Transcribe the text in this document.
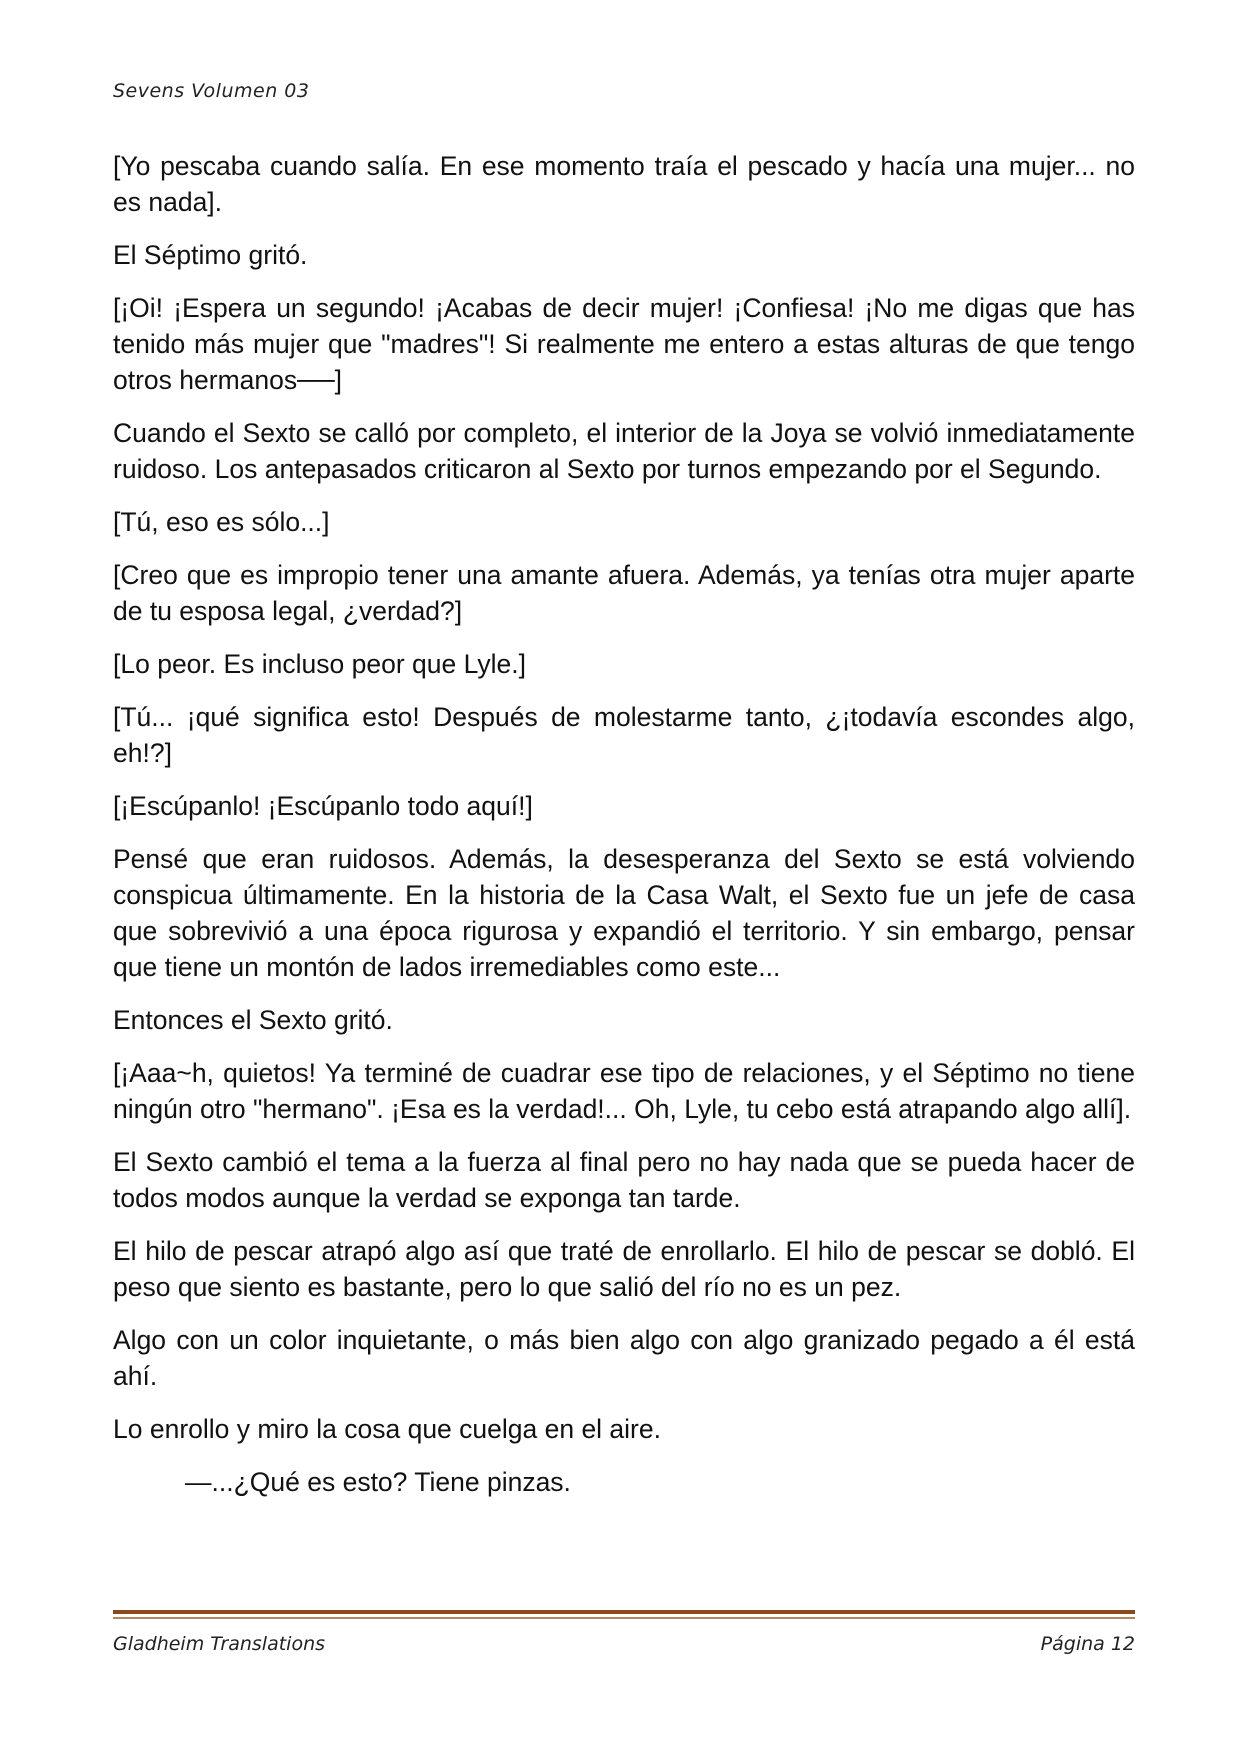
Sevens Volumen 03

[Yo pescaba cuando salía. En ese momento traía el pescado y hacía una mujer... no es nada].

El Séptimo gritó.

[¡Oi! ¡Espera un segundo! ¡Acabas de decir mujer! ¡Confiesa! ¡No me digas que has tenido más mujer que "madres"! Si realmente me entero a estas alturas de que tengo otros hermanos──]

Cuando el Sexto se calló por completo, el interior de la Joya se volvió inmediatamente ruidoso. Los antepasados criticaron al Sexto por turnos empezando por el Segundo.

[Tú, eso es sólo...]

[Creo que es impropio tener una amante afuera. Además, ya tenías otra mujer aparte de tu esposa legal, ¿verdad?]

[Lo peor. Es incluso peor que Lyle.]

[Tú... ¡qué significa esto! Después de molestarme tanto, ¿¡todavía escondes algo, eh!?]

[¡Escúpanlo! ¡Escúpanlo todo aquí!]

Pensé que eran ruidosos. Además, la desesperanza del Sexto se está volviendo conspicua últimamente. En la historia de la Casa Walt, el Sexto fue un jefe de casa que sobrevivió a una época rigurosa y expandió el territorio. Y sin embargo, pensar que tiene un montón de lados irremediables como este...

Entonces el Sexto gritó.

[¡Aaa~h, quietos! Ya terminé de cuadrar ese tipo de relaciones, y el Séptimo no tiene ningún otro "hermano". ¡Esa es la verdad!... Oh, Lyle, tu cebo está atrapando algo allí].

El Sexto cambió el tema a la fuerza al final pero no hay nada que se pueda hacer de todos modos aunque la verdad se exponga tan tarde.

El hilo de pescar atrapó algo así que traté de enrollarlo. El hilo de pescar se dobló. El peso que siento es bastante, pero lo que salió del río no es un pez.

Algo con un color inquietante, o más bien algo con algo granizado pegado a él está ahí.

Lo enrollo y miro la cosa que cuelga en el aire.

—...¿Qué es esto? Tiene pinzas.

Gladheim Translations	Página 12
